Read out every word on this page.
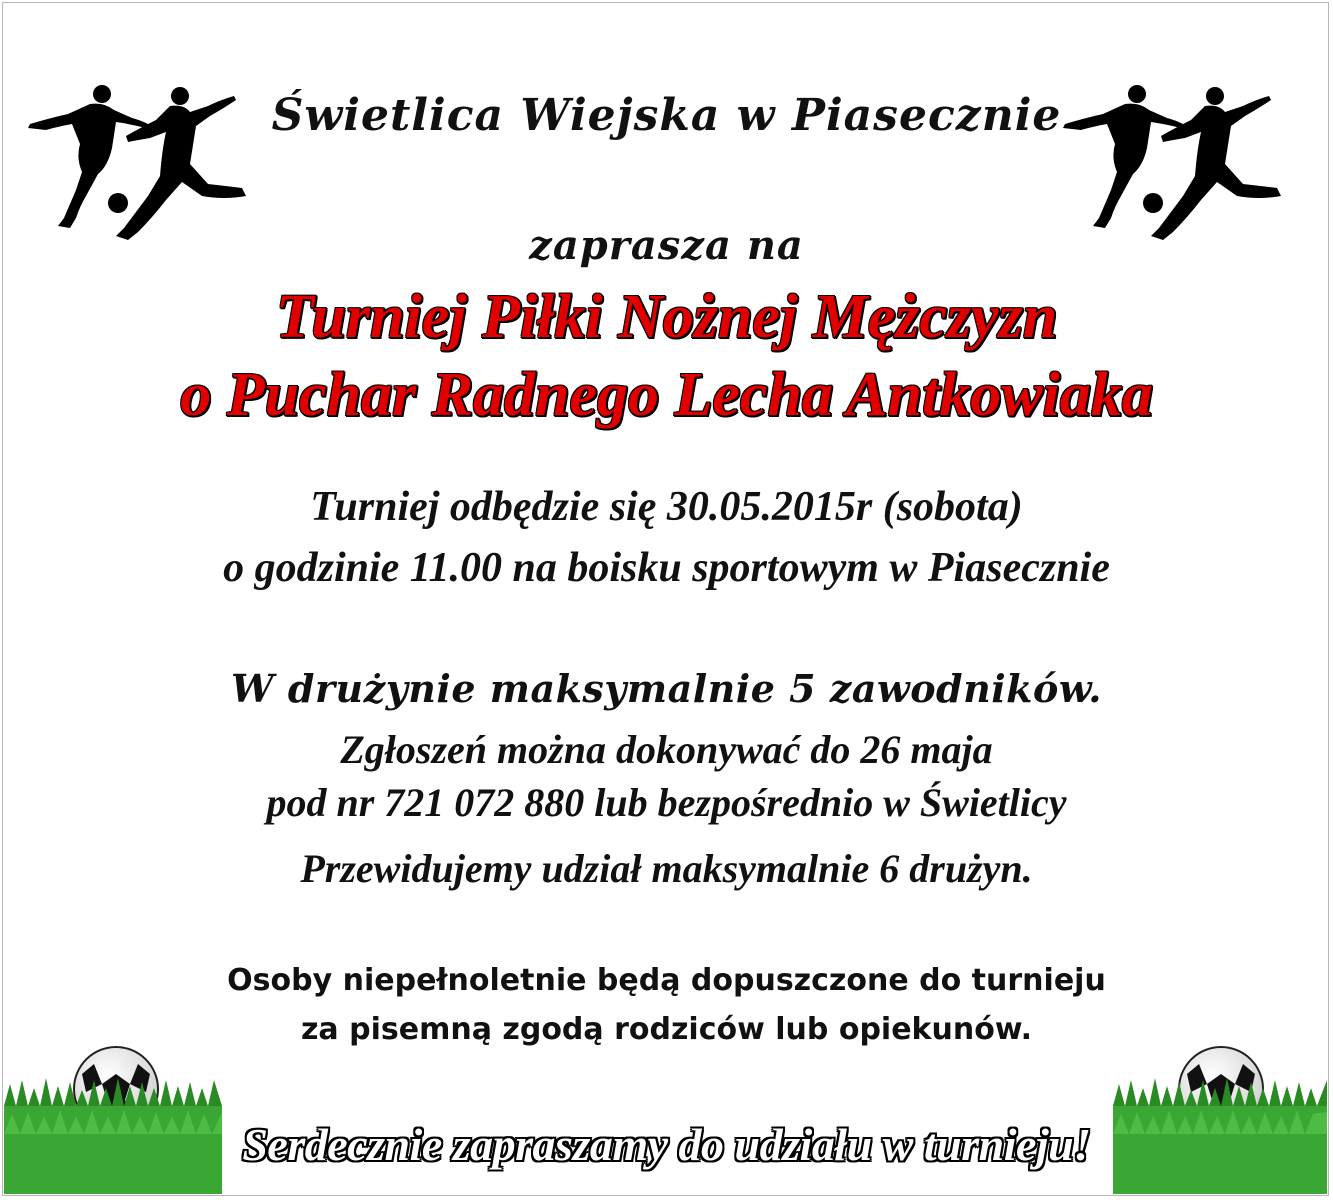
Świetlica Wiejska w Piasecznie
zaprasza na
Turniej Piłki Nożnej Mężczyzn
o Puchar Radnego Lecha Antkowiaka
Turniej odbędzie się 30.05.2015r (sobota)
o godzinie 11.00 na boisku sportowym w Piasecznie
W drużynie maksymalnie 5 zawodników.
Zgłoszeń można dokonywać do 26 maja
pod nr 721 072 880 lub bezpośrednio w Świetlicy
Przewidujemy udział maksymalnie 6 drużyn.
Osoby niepełnoletnie będą dopuszczone do turnieju
za pisemną zgodą rodziców lub opiekunów.
Serdecznie zapraszamy do udziału w turnieju!
